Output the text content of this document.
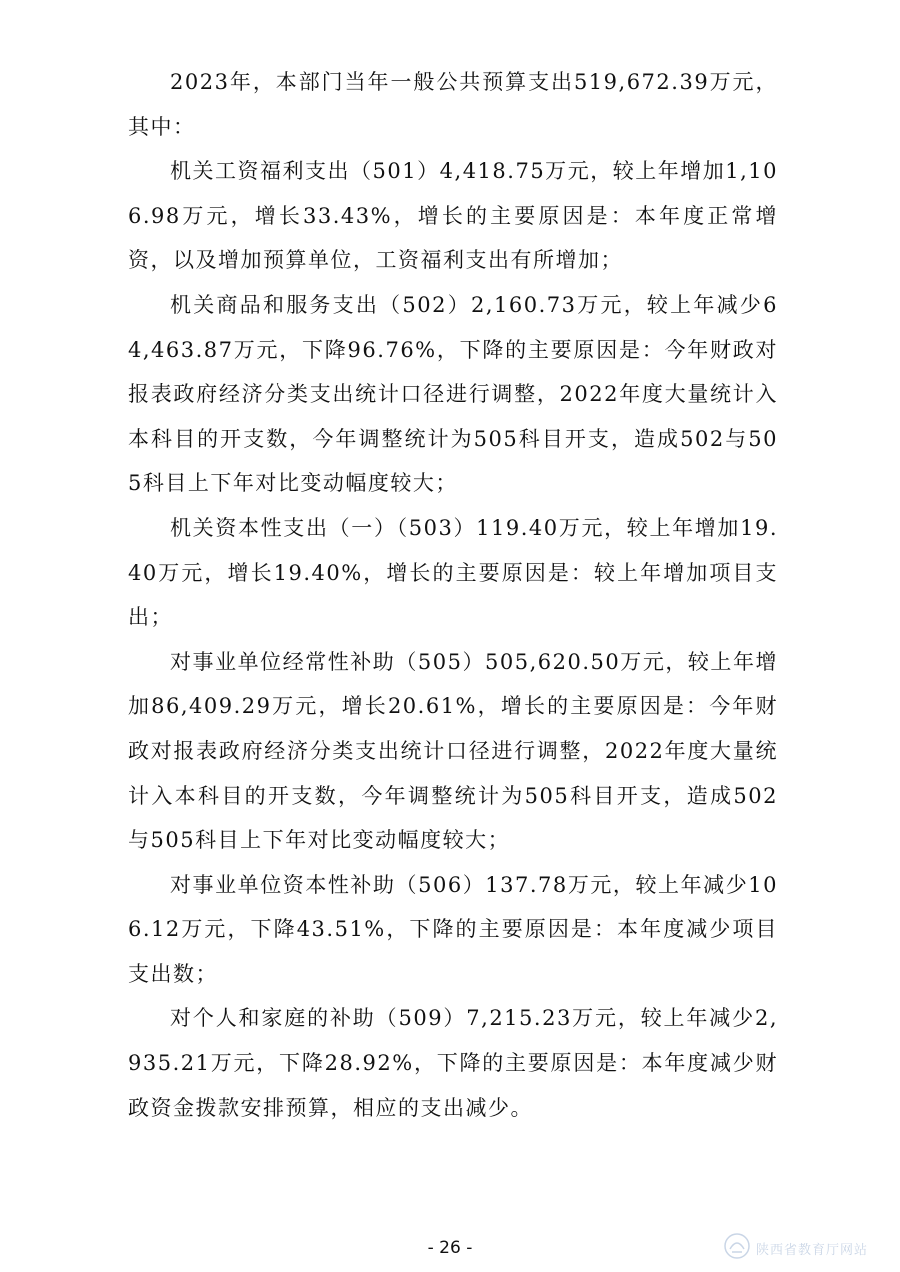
2023年，本部门当年一般公共预算支出519,672.39万元，其中：

机关工资福利支出（501）4,418.75万元，较上年增加1,106.98万元，增长33.43%，增长的主要原因是：本年度正常增资，以及增加预算单位，工资福利支出有所增加；

机关商品和服务支出（502）2,160.73万元，较上年减少64,463.87万元，下降96.76%，下降的主要原因是：今年财政对报表政府经济分类支出统计口径进行调整，2022年度大量统计入本科目的开支数，今年调整统计为505科目开支，造成502与505科目上下年对比变动幅度较大；

机关资本性支出（一）（503）119.40万元，较上年增加19.40万元，增长19.40%，增长的主要原因是：较上年增加项目支出；

对事业单位经常性补助（505）505,620.50万元，较上年增加86,409.29万元，增长20.61%，增长的主要原因是：今年财政对报表政府经济分类支出统计口径进行调整，2022年度大量统计入本科目的开支数，今年调整统计为505科目开支，造成502与505科目上下年对比变动幅度较大；

对事业单位资本性补助（506）137.78万元，较上年减少106.12万元，下降43.51%，下降的主要原因是：本年度减少项目支出数；

对个人和家庭的补助（509）7,215.23万元，较上年减少2,935.21万元，下降28.92%，下降的主要原因是：本年度减少财政资金拨款安排预算，相应的支出减少。

- 26 -	陕西省教育厅网站
